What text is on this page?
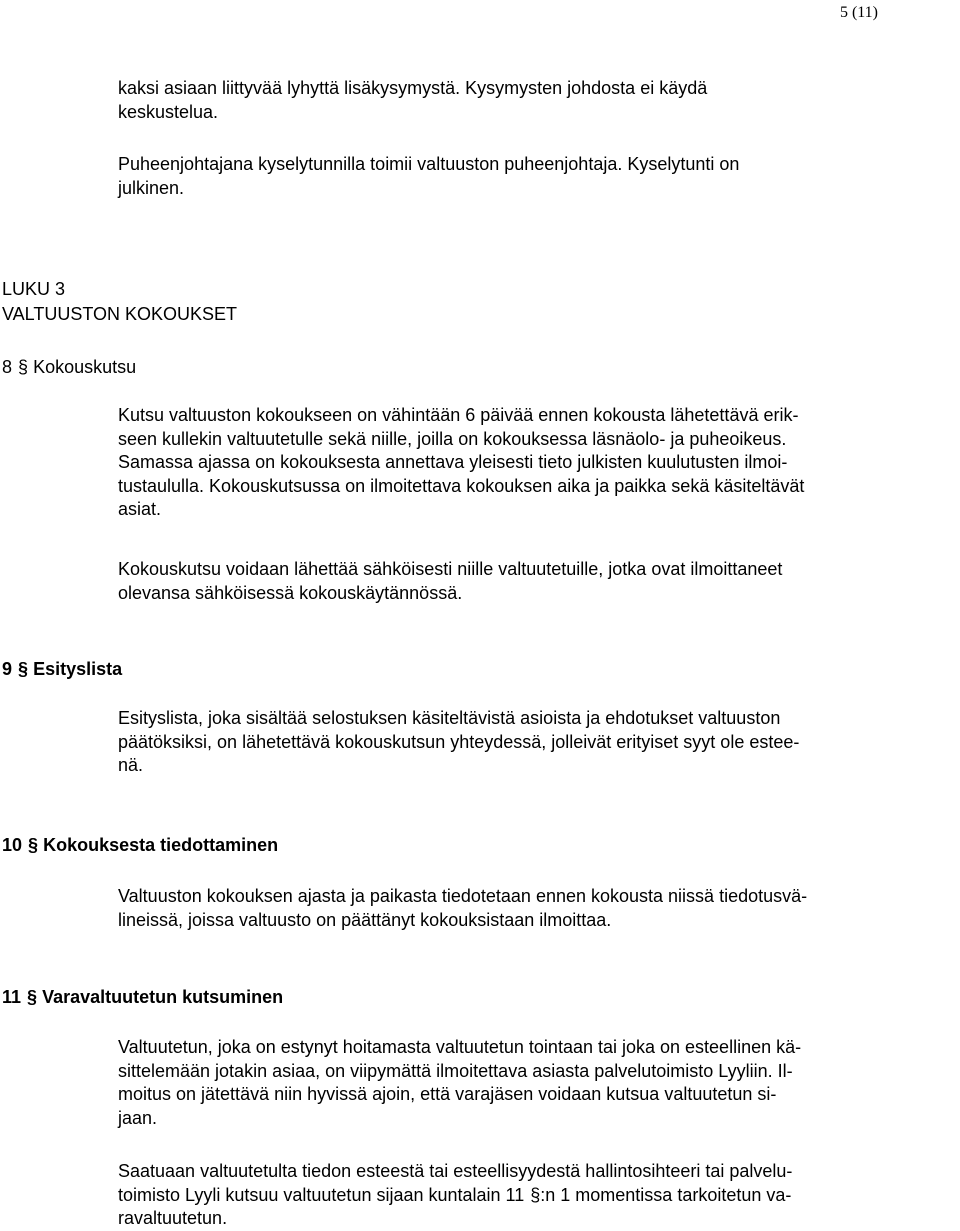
5 (11)

kaksi asiaan liittyvää lyhyttä lisäkysymystä. Kysymysten johdosta ei käydä
keskustelua.

Puheenjohtajana kyselytunnilla toimii valtuuston puheenjohtaja. Kyselytunti on
julkinen.

LUKU 3
VALTUUSTON KOKOUKSET
8 § Kokouskutsu

Kutsu valtuuston kokoukseen on vähintään 6 päivää ennen kokousta lähetettävä erik-
seen kullekin valtuutetulle sekä niille, joilla on kokouksessa läsnäolo- ja puheoikeus.
Samassa ajassa on kokouksesta annettava yleisesti tieto julkisten kuulutusten ilmoi-
tustaululla. Kokouskutsussa on ilmoitettava kokouksen aika ja paikka sekä käsiteltävät
asiat.

Kokouskutsu voidaan lähettää sähköisesti niille valtuutetuille, jotka ovat ilmoittaneet
olevansa sähköisessä kokouskäytännössä.

9 § Esityslista

Esityslista, joka sisältää selostuksen käsiteltävistä asioista ja ehdotukset valtuuston
päätöksiksi, on lähetettävä kokouskutsun yhteydessä, jolleivät erityiset syyt ole estee-
nä.

10 § Kokouksesta tiedottaminen

Valtuuston kokouksen ajasta ja paikasta tiedotetaan ennen kokousta niissä tiedotusvä-
lineissä, joissa valtuusto on päättänyt kokouksistaan ilmoittaa.

11 § Varavaltuutetun kutsuminen

Valtuutetun, joka on estynyt hoitamasta valtuutetun tointaan tai joka on esteellinen kä-
sittelemään jotakin asiaa, on viipymättä ilmoitettava asiasta palvelutoimisto Lyyliin. Il-
moitus on jätettävä niin hyvissä ajoin, että varajäsen voidaan kutsua valtuutetun si-
jaan.

Saatuaan valtuutetulta tiedon esteestä tai esteellisyydestä hallintosihteeri tai palvelu-
toimisto Lyyli kutsuu valtuutetun sijaan kuntalain 11 §:n 1 momentissa tarkoitetun va-
ravaltuutetun.
